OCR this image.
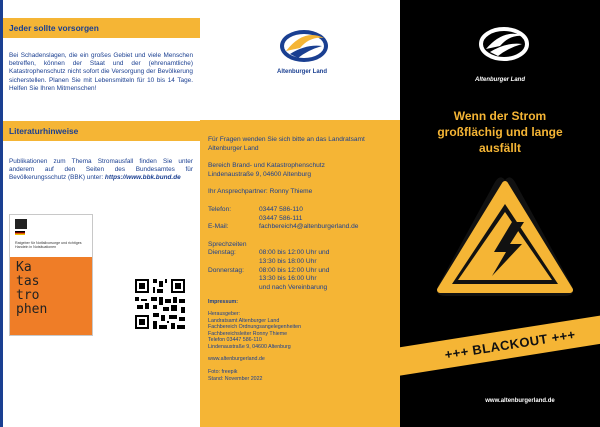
Jeder sollte vorsorgen

Bei Schadenslagen, die ein großes Gebiet und viele Menschen betreffen, können der Staat und der (ehrenamtliche) Katastrophenschutz nicht sofort die Versorgung der Bevölkerung sicherstellen. Planen Sie mit Lebensmitteln für 10 bis 14 Tage. Helfen Sie Ihren Mitmenschen!

Literaturhinweise
Publikationen zum Thema Stromausfall finden Sie unter anderem auf den Seiten des Bundesamtes für Bevölkerungsschutz (BBK) unter: https://www.bbk.bund.de
Ratgeber für Notfallvorsorge und richtiges Handeln in Notsituationen
Ka
tas
tro
phen
Altenburger Land

Für Fragen wenden Sie sich bitte an das Landratsamt Altenburger Land

Bereich Brand- und Katastrophenschutz

Lindenaustraße 9, 04600 Altenburg

Ihr Ansprechpartner: Ronny Thieme

Telefon:	03447 586-110
03447 586-111
E-Mail:	fachbereich4@altenburgerland.de

Sprechzeiten

Dienstag:	08:00 bis 12:00 Uhr und
13:30 bis 18:00 Uhr
Donnerstag:	08:00 bis 12:00 Uhr und
13:30 bis 16:00 Uhr
und nach Vereinbarung
Impressum:
Herausgeber:
Landratsamt Altenburger Land
Fachbereich Ordnungsangelegenheiten
Fachbereichsleiter Ronny Thieme
Telefon 03447 586-110
Lindenaustraße 9, 04600 Altenburg
www.altenburgerland.de
Foto: freepik
Stand: November 2022
Altenburger Land
Wenn der Strom großflächig und lange ausfällt
+++ BLACKOUT +++
www.altenburgerland.de
